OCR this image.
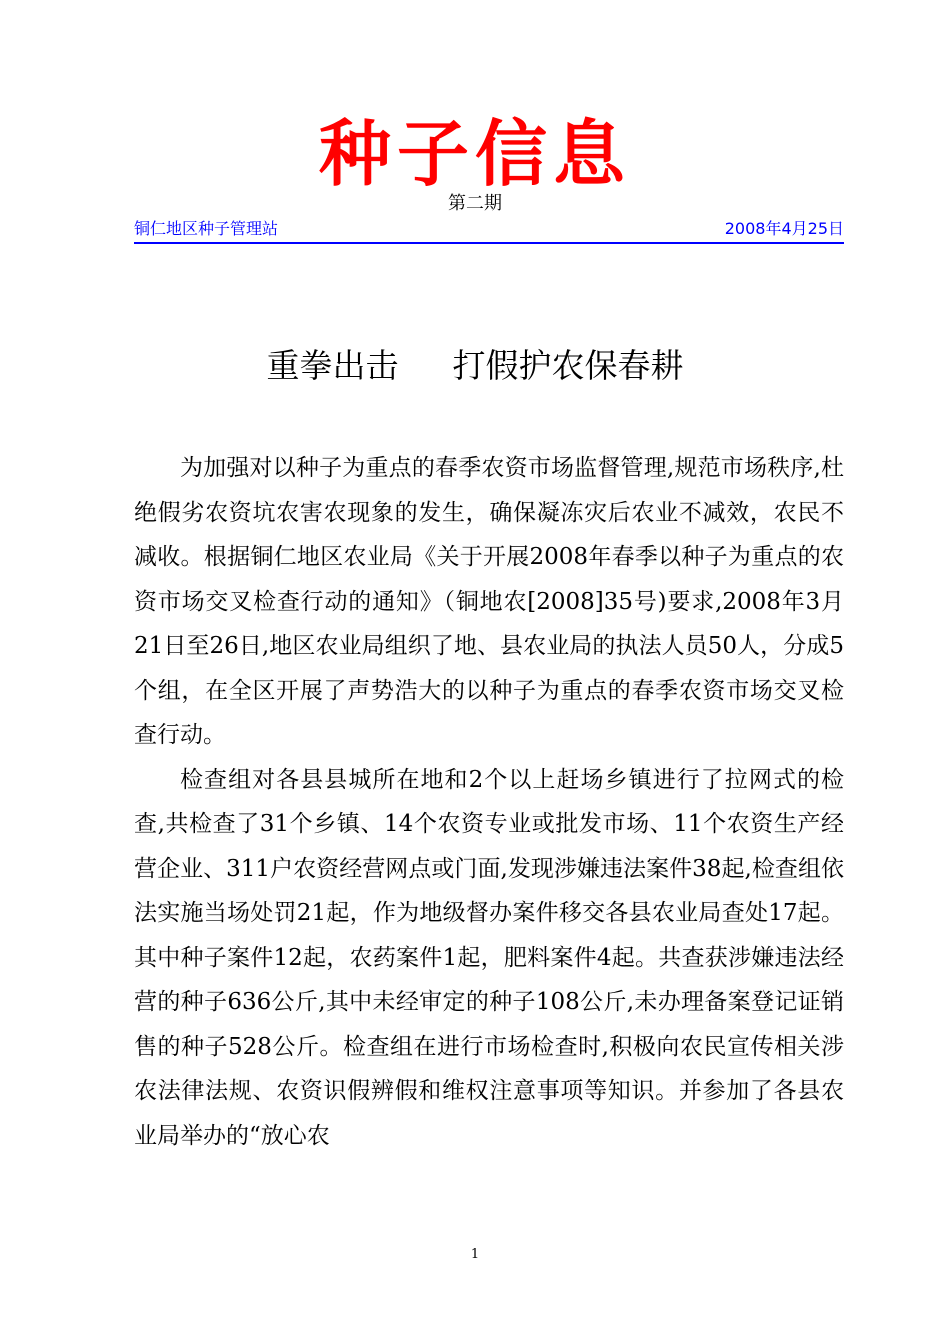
种子信息
第二期
铜仁地区种子管理站	2008年4月25日
重拳出击 打假护农保春耕

为加强对以种子为重点的春季农资市场监督管理,规范市场秩序,杜绝假劣农资坑农害农现象的发生，确保凝冻灾后农业不减效，农民不减收。根据铜仁地区农业局《关于开展2008年春季以种子为重点的农资市场交叉检查行动的通知》（铜地农[2008]35号)要求,2008年3月21日至26日,地区农业局组织了地、县农业局的执法人员50人，分成5个组，在全区开展了声势浩大的以种子为重点的春季农资市场交叉检查行动。

检查组对各县县城所在地和2个以上赶场乡镇进行了拉网式的检查,共检查了31个乡镇、14个农资专业或批发市场、11个农资生产经营企业、311户农资经营网点或门面,发现涉嫌违法案件38起,检查组依法实施当场处罚21起，作为地级督办案件移交各县农业局查处17起。其中种子案件12起，农药案件1起，肥料案件4起。共查获涉嫌违法经营的种子636公斤,其中未经审定的种子108公斤,未办理备案登记证销售的种子528公斤。检查组在进行市场检查时,积极向农民宣传相关涉农法律法规、农资识假辨假和维权注意事项等知识。并参加了各县农业局举办的“放心农

1
